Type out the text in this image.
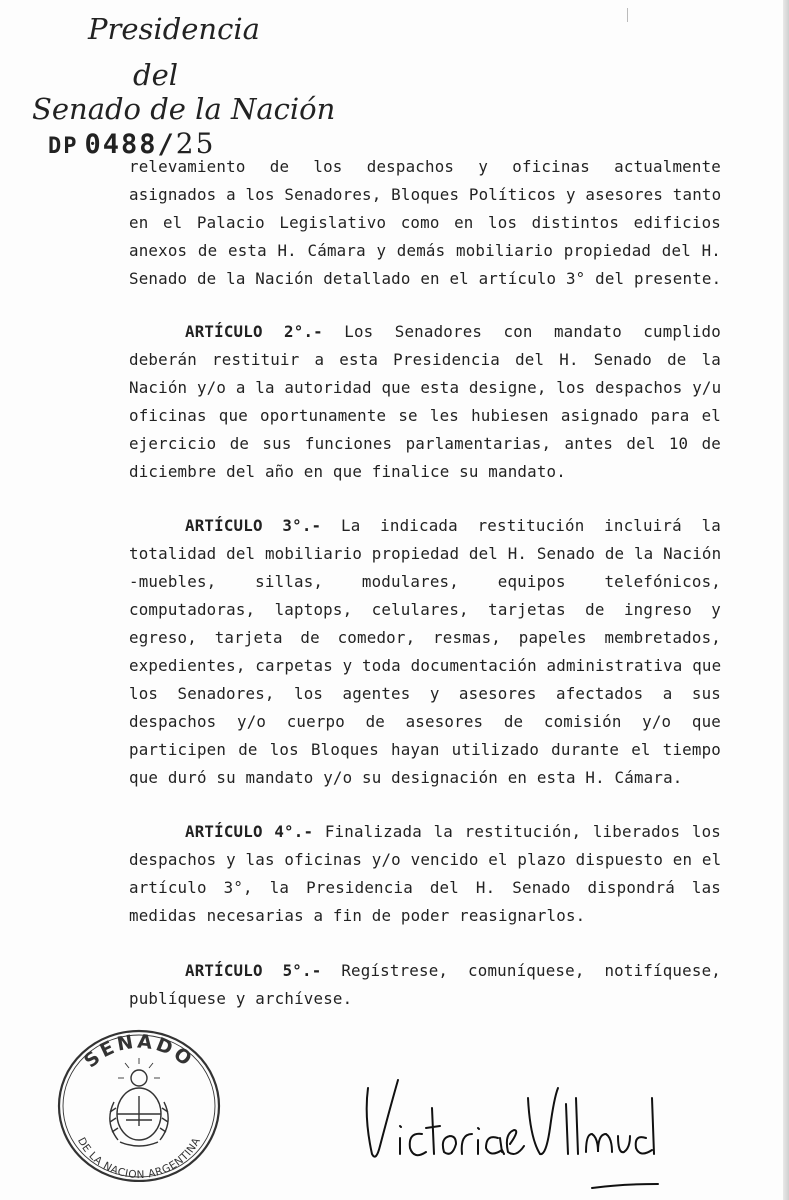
Presidencia
del
Senado de la Nación
DP 0488/25
relevamiento de los despachos y oficinas actualmente
asignados a los Senadores, Bloques Políticos y asesores tanto
en el Palacio Legislativo como en los distintos edificios
anexos de esta H. Cámara y demás mobiliario propiedad del H.
Senado de la Nación detallado en el artículo 3° del presente.
ARTÍCULO 2°.- Los Senadores con mandato cumplido
deberán restituir a esta Presidencia del H. Senado de la
Nación y/o a la autoridad que esta designe, los despachos y/u
oficinas que oportunamente se les hubiesen asignado para el
ejercicio de sus funciones parlamentarias, antes del 10 de
diciembre del año en que finalice su mandato.
ARTÍCULO 3°.- La indicada restitución incluirá la
totalidad del mobiliario propiedad del H. Senado de la Nación
-muebles, sillas, modulares, equipos telefónicos,
computadoras, laptops, celulares, tarjetas de ingreso y
egreso, tarjeta de comedor, resmas, papeles membretados,
expedientes, carpetas y toda documentación administrativa que
los Senadores, los agentes y asesores afectados a sus
despachos y/o cuerpo de asesores de comisión y/o que
participen de los Bloques hayan utilizado durante el tiempo
que duró su mandato y/o su designación en esta H. Cámara.
ARTÍCULO 4°.- Finalizada la restitución, liberados los
despachos y las oficinas y/o vencido el plazo dispuesto en el
artículo 3°, la Presidencia del H. Senado dispondrá las
medidas necesarias a fin de poder reasignarlos.
ARTÍCULO 5°.- Regístrese, comuníquese, notifíquese,
publíquese y archívese.
SENADO
DE LA NACION ARGENTINA
